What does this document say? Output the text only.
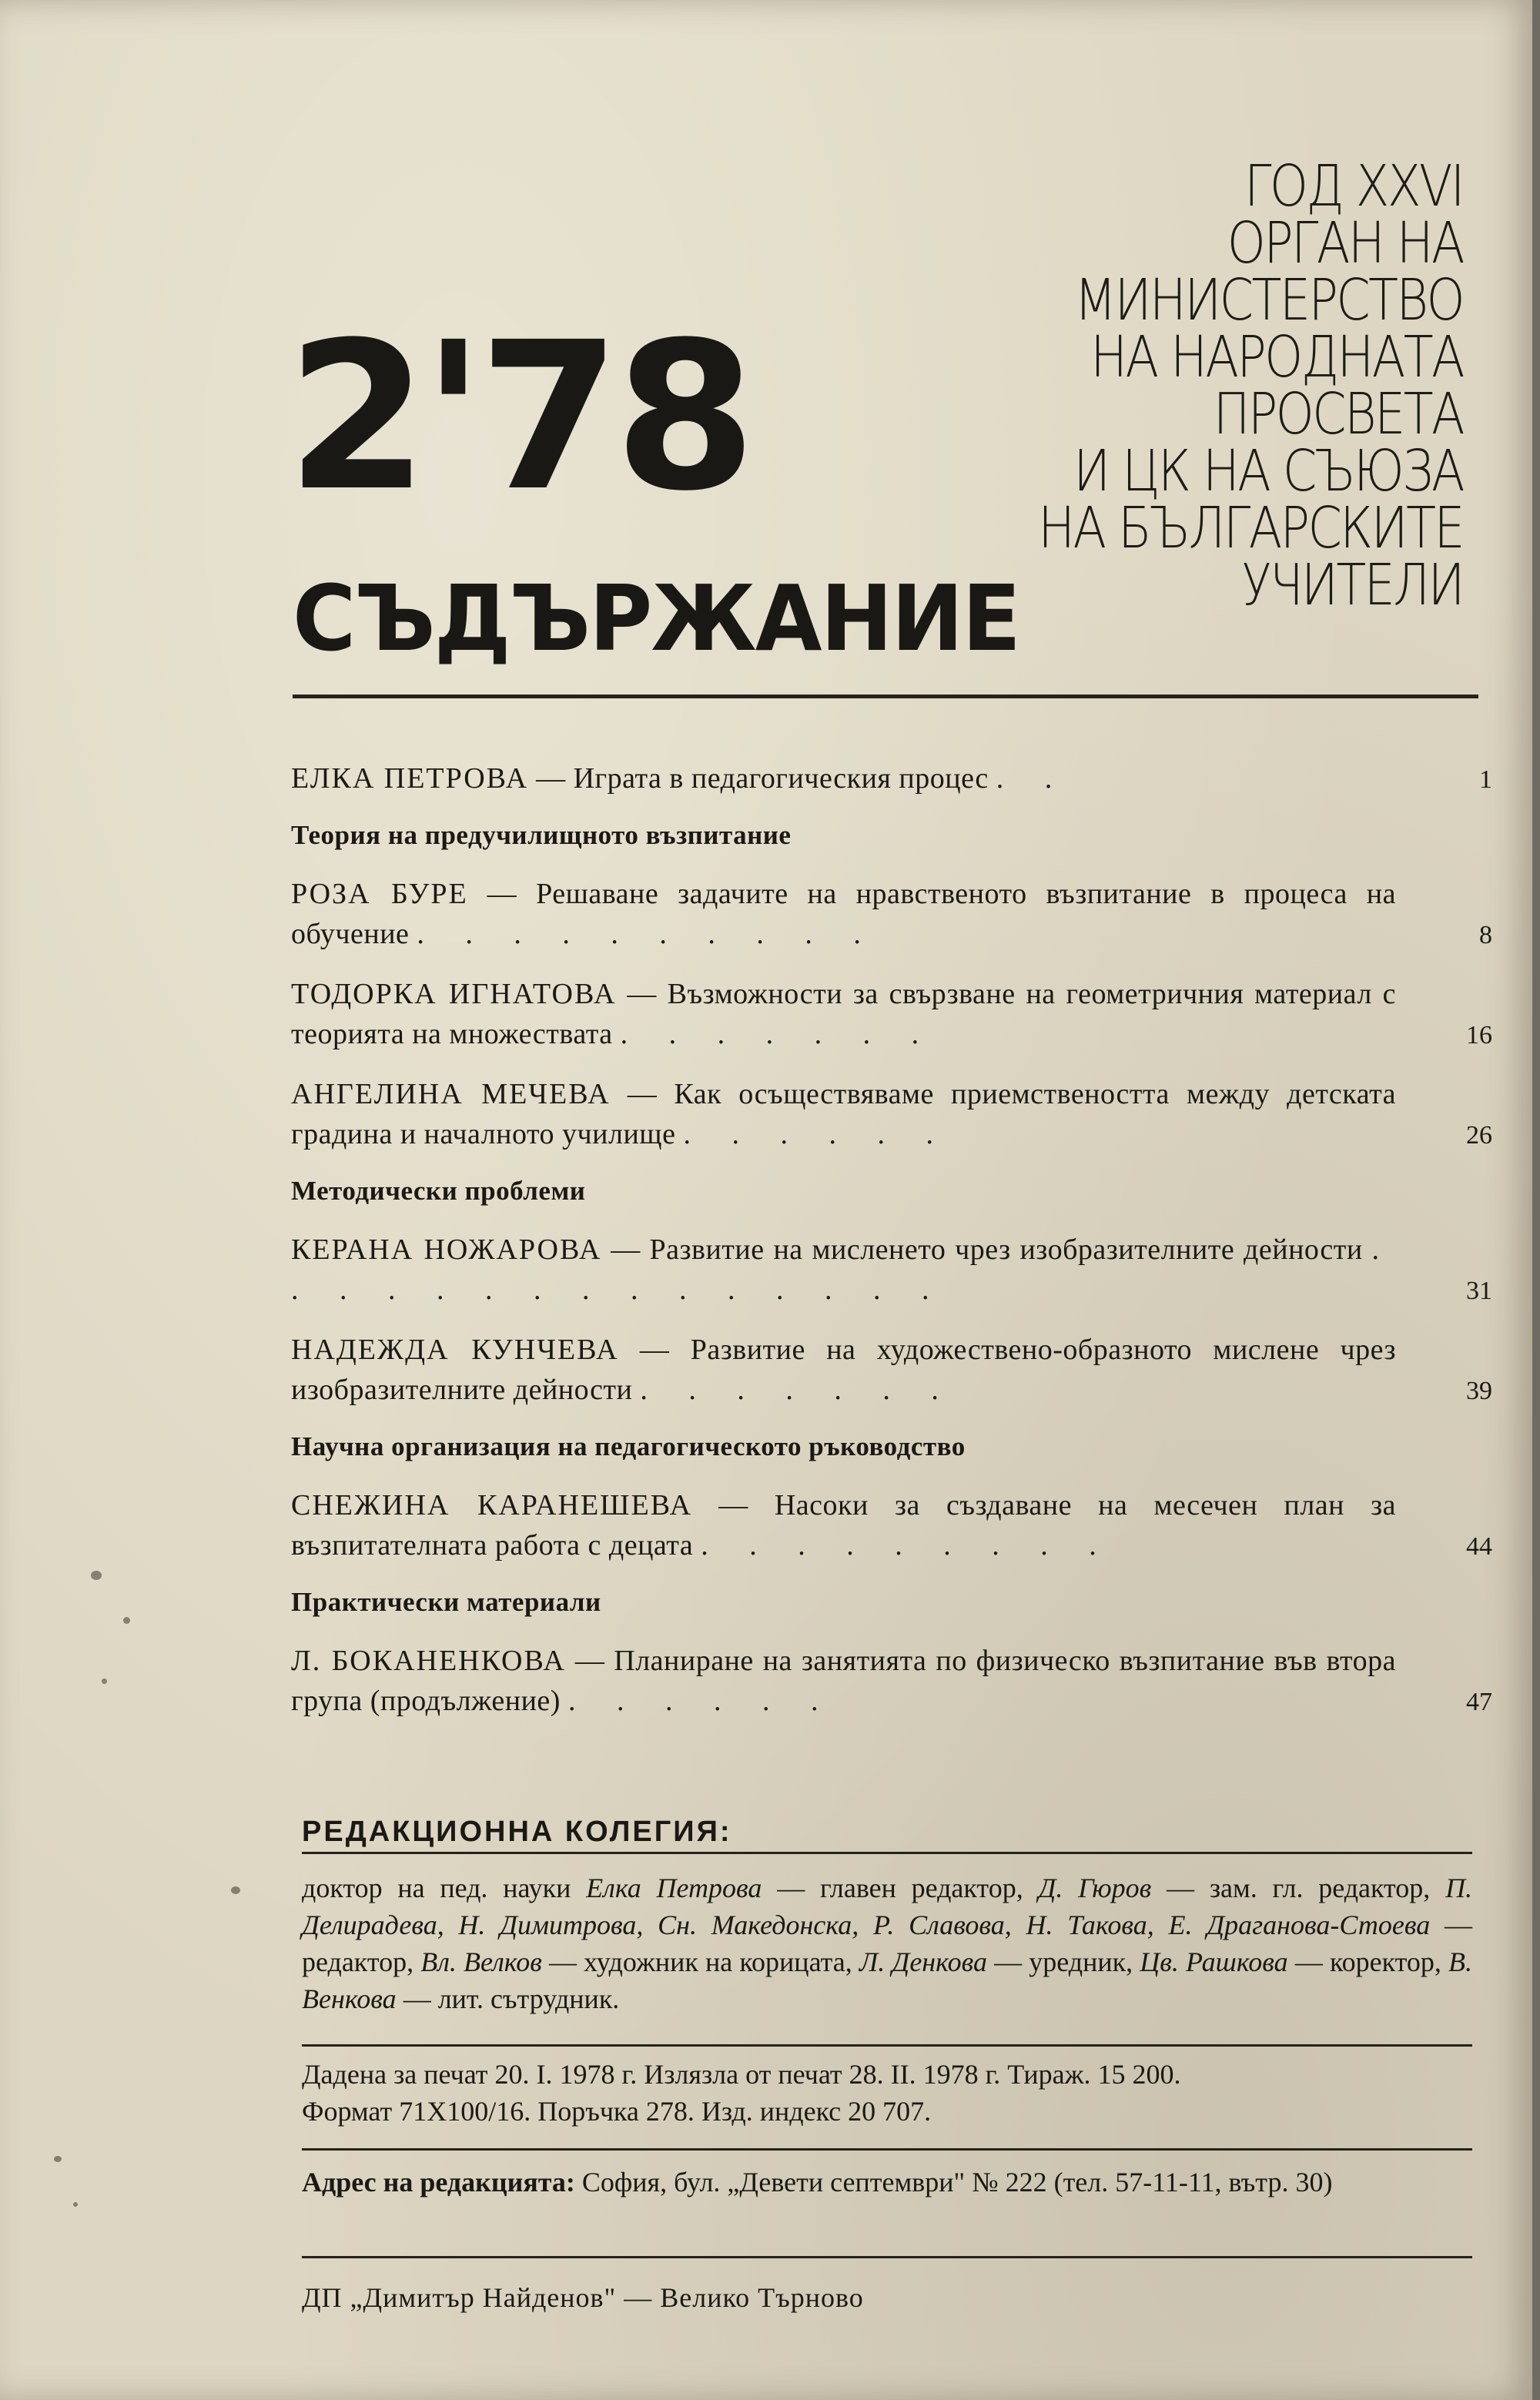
ГОД XXVI
ОРГАН НА
МИНИСТЕРСТВО
НА НАРОДНАТА
ПРОСВЕТА
И ЦК НА СЪЮЗА
НА БЪЛГАРСКИТЕ
УЧИТЕЛИ
2'78
СЪДЪРЖАНИЕ
ЕЛКА ПЕТРОВА — Играта в педагогическия процес . .	1
Теория на предучилищното възпитание
РОЗА БУРЕ — Решаване задачите на нравственото възпитание в процеса на обучение . . . . . . . . . .	8
ТОДОРКА ИГНАТОВА — Възможности за свързване на геометричния материал с теорията на множествата . . . . . . .	16
АНГЕЛИНА МЕЧЕВА — Как осъществяваме приемствеността между детската градина и началното училище . . . . . .	26
Методически проблеми
КЕРАНА НОЖАРОВА — Развитие на мисленето чрез изобразителните дейности . . . . . . . . . . . . . . .	31
НАДЕЖДА КУНЧЕВА — Развитие на художествено-образното мислене чрез изобразителните дейности . . . . . . .	39
Научна организация на педагогическото ръководство
СНЕЖИНА КАРАНЕШЕВА — Насоки за създаване на месечен план за възпитателната работа с децата . . . . . . . . .	44
Практически материали
Л. БОКАНЕНКОВА — Планиране на занятията по физическо възпитание във втора група (продължение) . . . . . .	47
РЕДАКЦИОННА КОЛЕГИЯ:
доктор на пед. науки Елка Петрова — главен редактор, Д. Гюров — зам. гл. редактор, П. Делирадева, Н. Димитрова, Сн. Македонска, Р. Славова, Н. Такова, Е. Драганова-Стоева — редактор, Вл. Велков — художник на корицата, Л. Денкова — уредник, Цв. Рашкова — коректор, В. Венкова — лит. сътрудник.
Дадена за печат 20. I. 1978 г. Излязла от печат 28. II. 1978 г. Тираж. 15 200.
Формат 71Х100/16. Поръчка 278. Изд. индекс 20 707.
Адрес на редакцията: София, бул. „Девети септември" № 222 (тел. 57-11-11, вътр. 30)
ДП „Димитър Найденов" — Велико Търново
